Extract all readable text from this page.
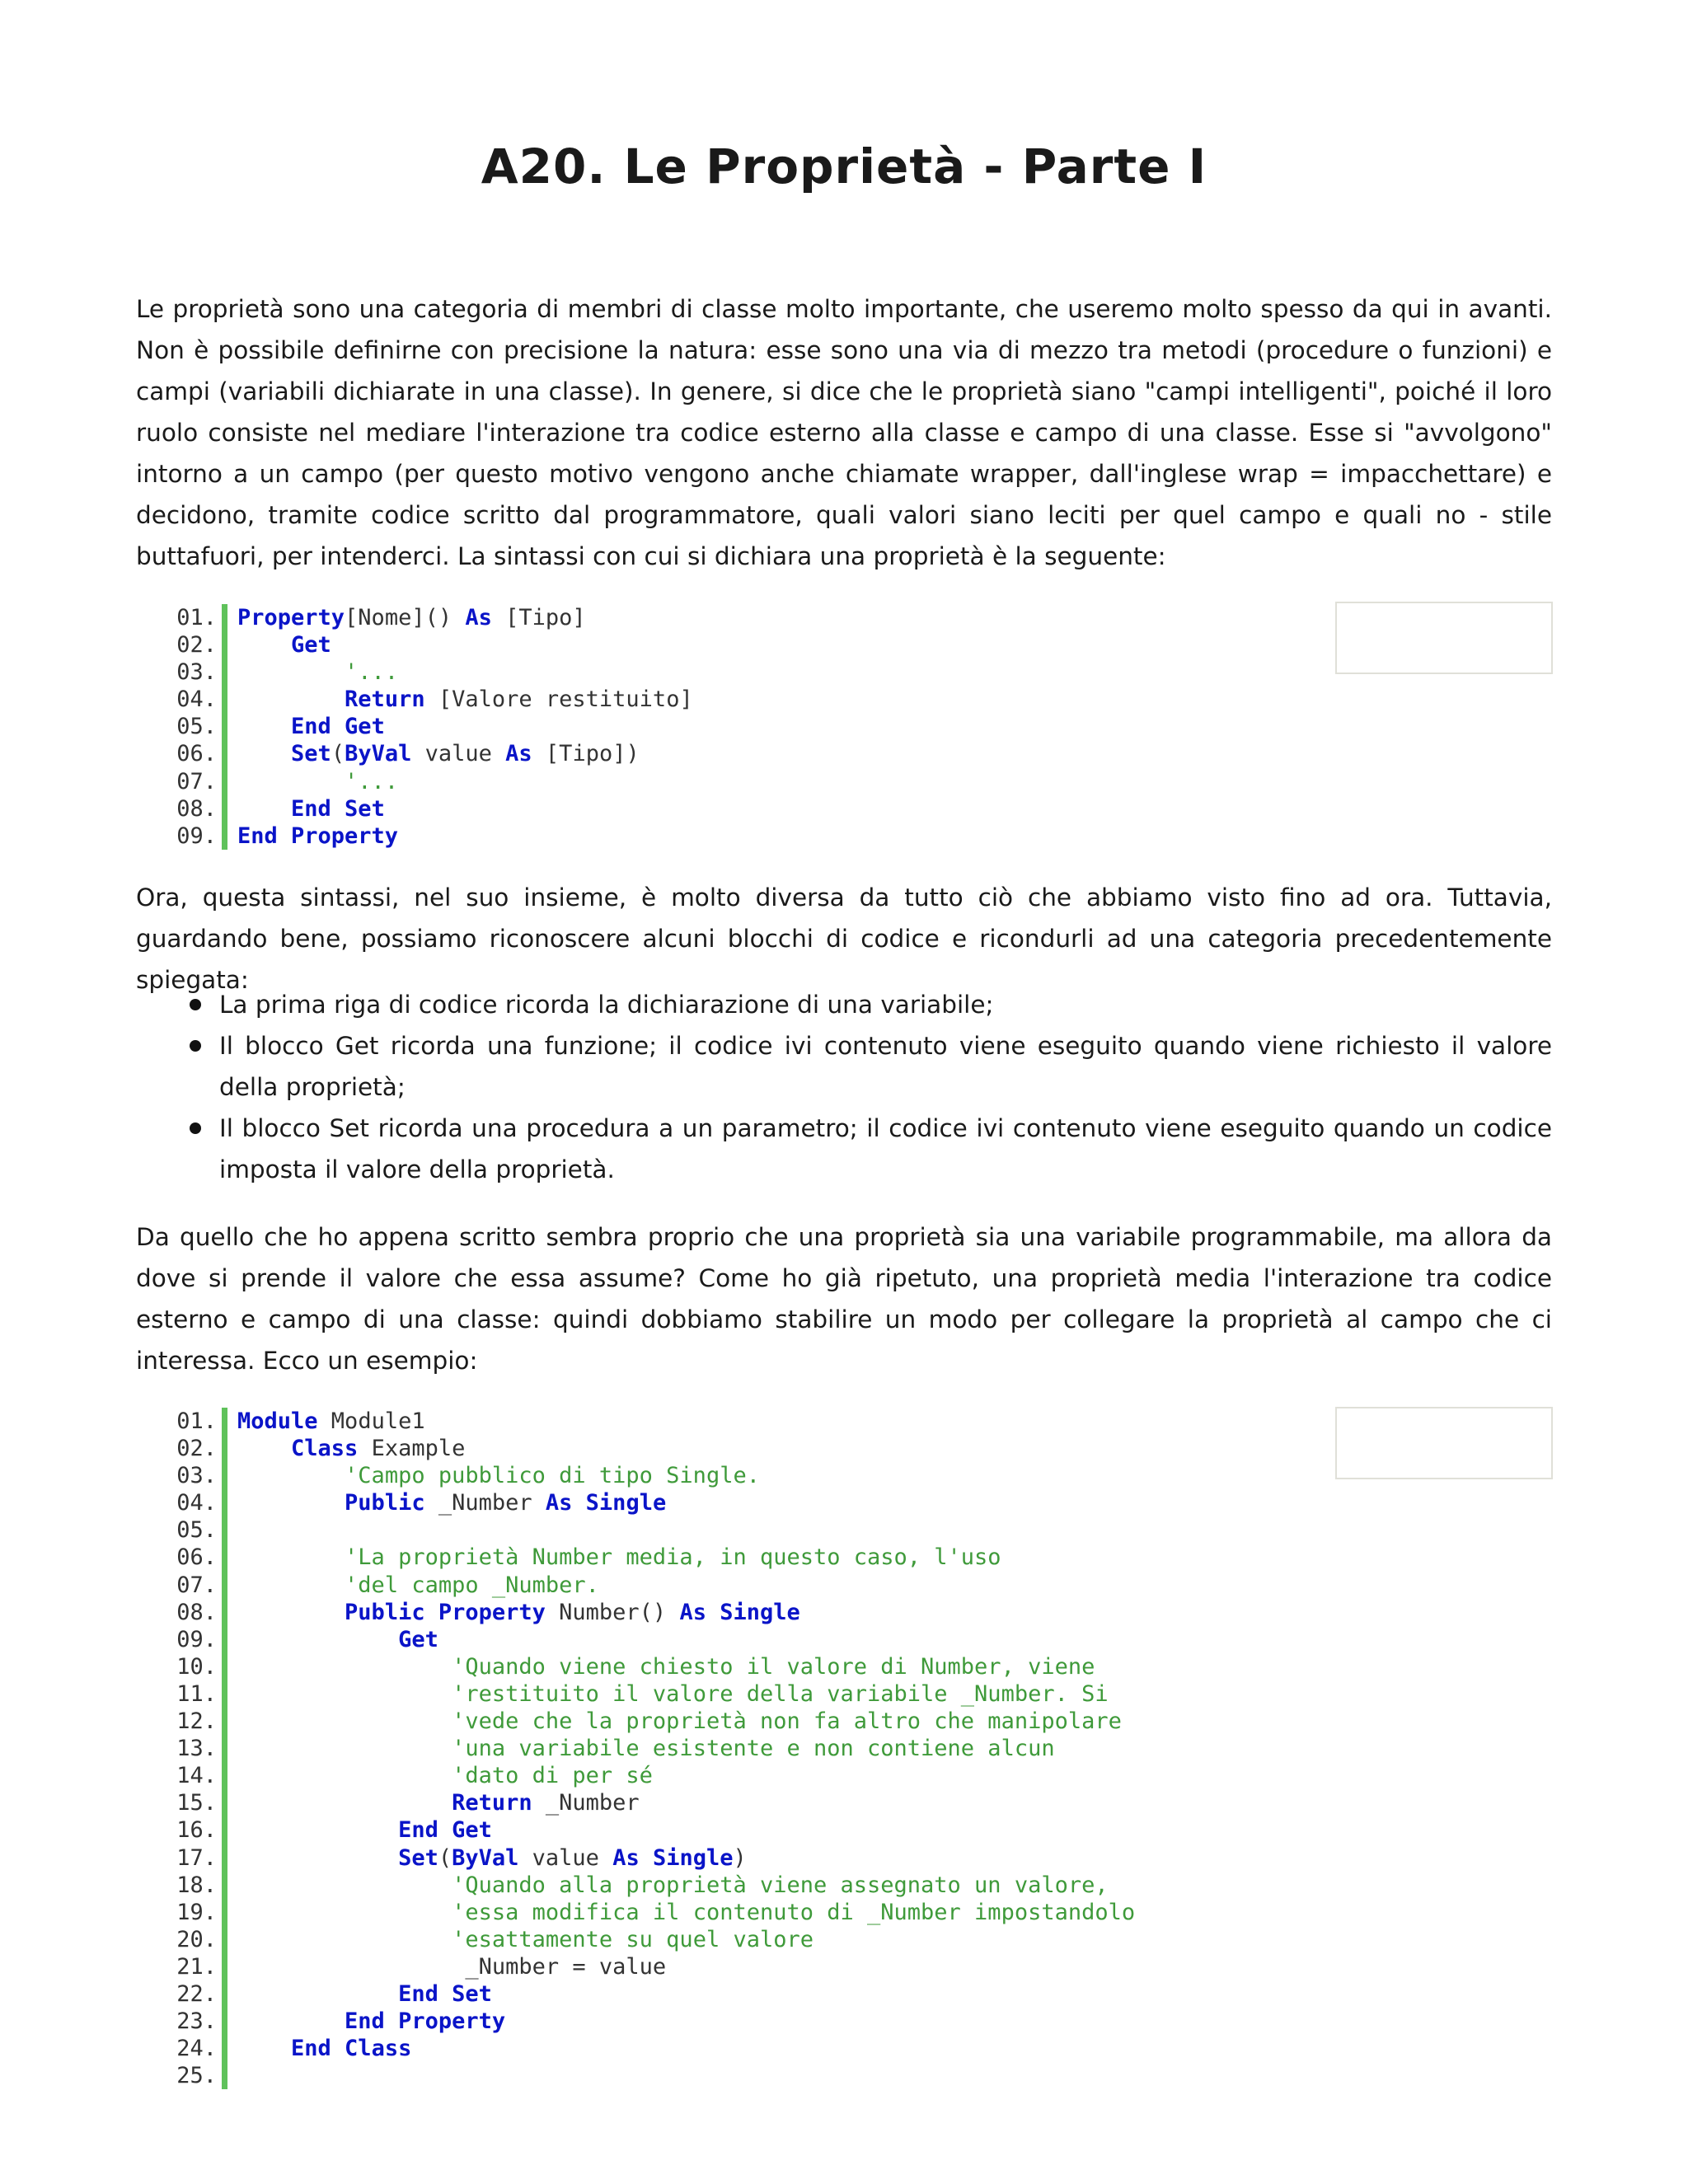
A20. Le Proprietà - Parte I

Le proprietà sono una categoria di membri di classe molto importante, che useremo molto spesso da qui in avanti. Non è possibile definirne con precisione la natura: esse sono una via di mezzo tra metodi (procedure o funzioni) e campi (variabili dichiarate in una classe). In genere, si dice che le proprietà siano "campi intelligenti", poiché il loro ruolo consiste nel mediare l'interazione tra codice esterno alla classe e campo di una classe. Esse si "avvolgono" intorno a un campo (per questo motivo vengono anche chiamate wrapper, dall'inglese wrap = impacchettare) e decidono, tramite codice scritto dal programmatore, quali valori siano leciti per quel campo e quali no - stile buttafuori, per intenderci. La sintassi con cui si dichiara una proprietà è la seguente:

01. Property[Nome]() As [Tipo]
02.	Get
03.	'...
04.	Return [Valore restituito]
05.	End Get
06.	Set(ByVal value As [Tipo])
07.	'...
08.	End Set
09. End Property

Ora, questa sintassi, nel suo insieme, è molto diversa da tutto ciò che abbiamo visto fino ad ora. Tuttavia, guardando bene, possiamo riconoscere alcuni blocchi di codice e ricondurli ad una categoria precedentemente spiegata:

La prima riga di codice ricorda la dichiarazione di una variabile;
Il blocco Get ricorda una funzione; il codice ivi contenuto viene eseguito quando viene richiesto il valore della proprietà;
Il blocco Set ricorda una procedura a un parametro; il codice ivi contenuto viene eseguito quando un codice imposta il valore della proprietà.

Da quello che ho appena scritto sembra proprio che una proprietà sia una variabile programmabile, ma allora da dove si prende il valore che essa assume? Come ho già ripetuto, una proprietà media l'interazione tra codice esterno e campo di una classe: quindi dobbiamo stabilire un modo per collegare la proprietà al campo che ci interessa. Ecco un esempio:

01. Module Module1
02.	Class Example
03.	'Campo pubblico di tipo Single.
04.	Public _Number As Single
05.
06.	'La proprietà Number media, in questo caso, l'uso
07.	'del campo _Number.
08.	Public Property Number() As Single
09.	Get
10.	'Quando viene chiesto il valore di Number, viene
11.	'restituito il valore della variabile _Number. Si
12.	'vede che la proprietà non fa altro che manipolare
13.	'una variabile esistente e non contiene alcun
14.	'dato di per sé
15.	Return _Number
16.	End Get
17.	Set(ByVal value As Single)
18.	'Quando alla proprietà viene assegnato un valore,
19.	'essa modifica il contenuto di _Number impostandolo
20.	'esattamente su quel valore
21.	_Number = value
22.	End Set
23.	End Property
24.	End Class
25.
